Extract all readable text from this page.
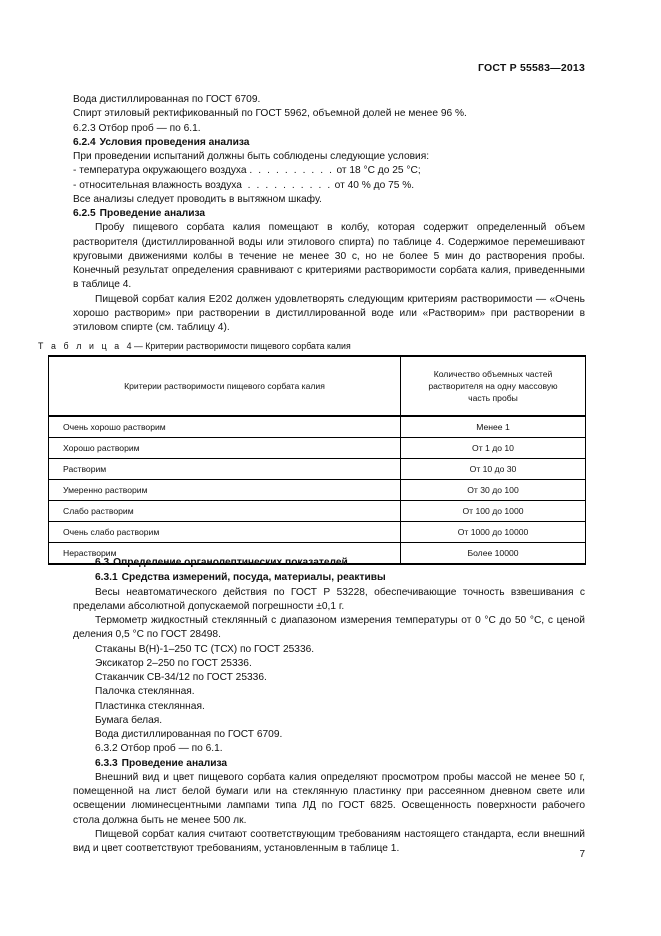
ГОСТ Р 55583—2013

Вода дистиллированная по ГОСТ 6709.

Спирт этиловый ректификованный по ГОСТ 5962, объемной долей не менее 96 %.

6.2.3 Отбор проб — по 6.1.

6.2.4 Условия проведения анализа

При проведении испытаний должны быть соблюдены следующие условия:

- температура окружающего воздуха . . . . . . . . . . от 18 °С до 25 °С;

- относительная влажность воздуха . . . . . . . . . . от 40 % до 75 %.

Все анализы следует проводить в вытяжном шкафу.

6.2.5 Проведение анализа

Пробу пищевого сорбата калия помещают в колбу, которая содержит определенный объем растворителя (дистиллированной воды или этилового спирта) по таблице 4. Содержимое перемешивают круговыми движениями колбы в течение не менее 30 с, но не более 5 мин до растворения пробы. Конечный результат определения сравнивают с критериями растворимости сорбата калия, приведенными в таблице 4.

Пищевой сорбат калия Е202 должен удовлетворять следующим критериям растворимости — «Очень хорошо растворим» при растворении в дистиллированной воде или «Растворим» при растворении в этиловом спирте (см. таблицу 4).

Т а б л и ц а 4 — Критерии растворимости пищевого сорбата калия
Критерии растворимости пищевого сорбата калия	Количество объемных частей
растворителя на одну массовую
часть пробы
Очень хорошо растворим	Менее 1
Хорошо растворим	От 1 до 10
Растворим	От 10 до 30
Умеренно растворим	От 30 до 100
Слабо растворим	От 100 до 1000
Очень слабо растворим	От 1000 до 10000
Нерастворим	Более 10000

6.3 Определение органолептических показателей

6.3.1 Средства измерений, посуда, материалы, реактивы

Весы неавтоматического действия по ГОСТ Р 53228, обеспечивающие точность взвешивания с пределами абсолютной допускаемой погрешности ±0,1 г.

Термометр жидкостный стеклянный с диапазоном измерения температуры от 0 °С до 50 °С, с ценой деления 0,5 °С по ГОСТ 28498.

Стаканы В(Н)-1–250 ТС (ТСХ) по ГОСТ 25336.

Эксикатор 2–250 по ГОСТ 25336.

Стаканчик СВ-34/12 по ГОСТ 25336.

Палочка стеклянная.

Пластинка стеклянная.

Бумага белая.

Вода дистиллированная по ГОСТ 6709.

6.3.2 Отбор проб — по 6.1.

6.3.3 Проведение анализа

Внешний вид и цвет пищевого сорбата калия определяют просмотром пробы массой не менее 50 г, помещенной на лист белой бумаги или на стеклянную пластинку при рассеянном дневном свете или освещении люминесцентными лампами типа ЛД по ГОСТ 6825. Освещенность поверхности рабочего стола должна быть не менее 500 лк.

Пищевой сорбат калия считают соответствующим требованиям настоящего стандарта, если внешний вид и цвет соответствуют требованиям, установленным в таблице 1.

7
